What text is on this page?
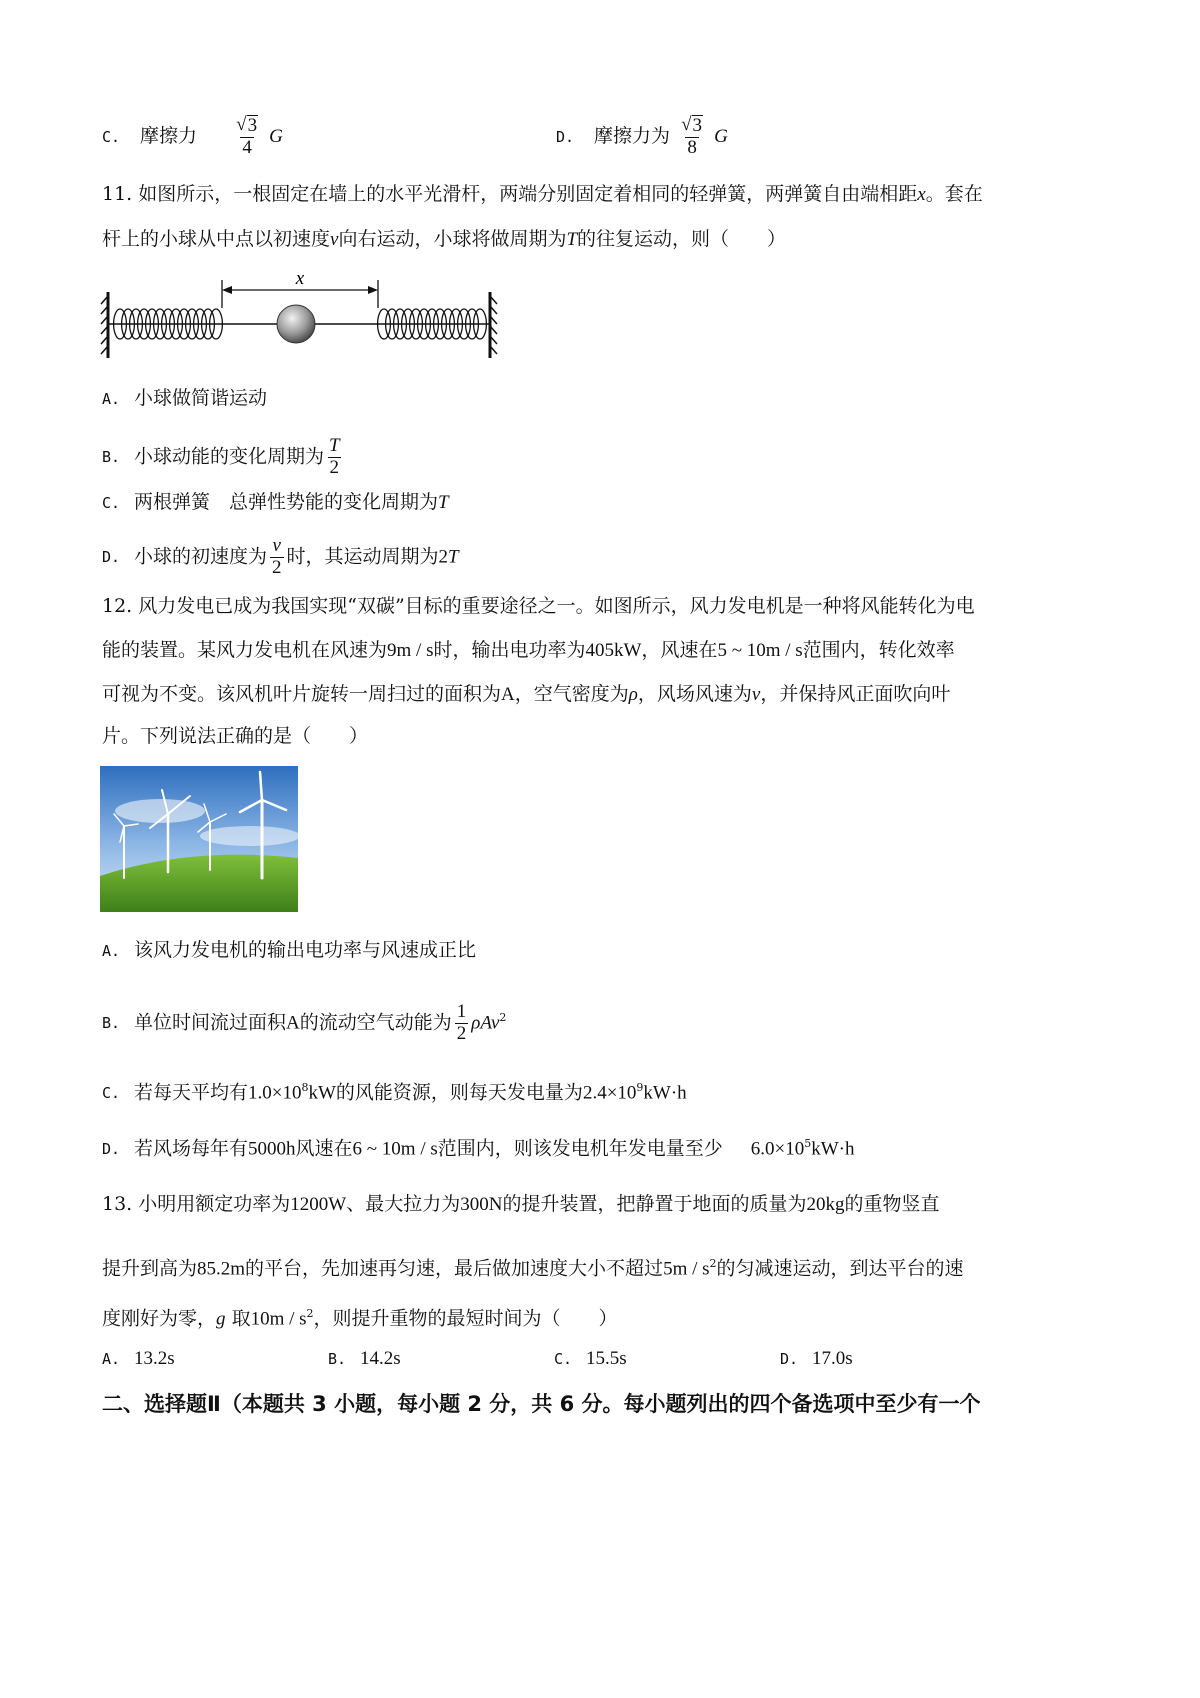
C. 摩擦力 $\frac{√ 3}{4}$ G	D. 摩擦力为 $\frac{√ 3}{8}$ G
11. 如图所示，一根固定在墙上的水平光滑杆，两端分别固定着相同的轻弹簧，两弹簧自由端相距x。套在
杆上的小球从中点以初速度v向右运动，小球将做周期为T的往复运动，则（　　）
x
A. 小球做简谐运动
B. 小球动能的变化周期为 $\frac{T}{2}$
C. 两根弹簧　总弹性势能的变化周期为T
D. 小球的初速度为 $\frac{v}{2}$ 时，其运动周期为2T
12. 风力发电已成为我国实现“双碳”目标的重要途径之一。如图所示，风力发电机是一种将风能转化为电
能的装置。某风力发电机在风速为9m / s时，输出电功率为405kW，风速在5 ~ 10m / s范围内，转化效率
可视为不变。该风机叶片旋转一周扫过的面积为A，空气密度为ρ，风场风速为v，并保持风正面吹向叶
片。下列说法正确的是（　　）
A. 该风力发电机的输出电功率与风速成正比
B. 单位时间流过面积A的流动空气动能为 $\frac{1}{2} \rho Av^2$
C. 若每天平均有$1.0\times 10^8kW$的风能资源，则每天发电量为$2.4\times 10^9kW\cdot h$
D. 若风场每年有5000h风速在6 ~ 10m / s范围内，则该发电机年发电量至少 $6.0\times 10^5kW\cdot h$
13. 小明用额定功率为1200W、最大拉力为300N的提升装置，把静置于地面的质量为20kg的重物竖直
提升到高为85.2m的平台，先加速再匀速，最后做加速度大小不超过$5m / s^2$的匀减速运动，到达平台的速
度刚好为零，g 取$10m / s^2$，则提升重物的最短时间为（　　）
A. 13.2s	B. 14.2s	C. 15.5s	D. 17.0s
二、选择题Ⅱ（本题共 3 小题，每小题 2 分，共 6 分。每小题列出的四个备选项中至少有一个
